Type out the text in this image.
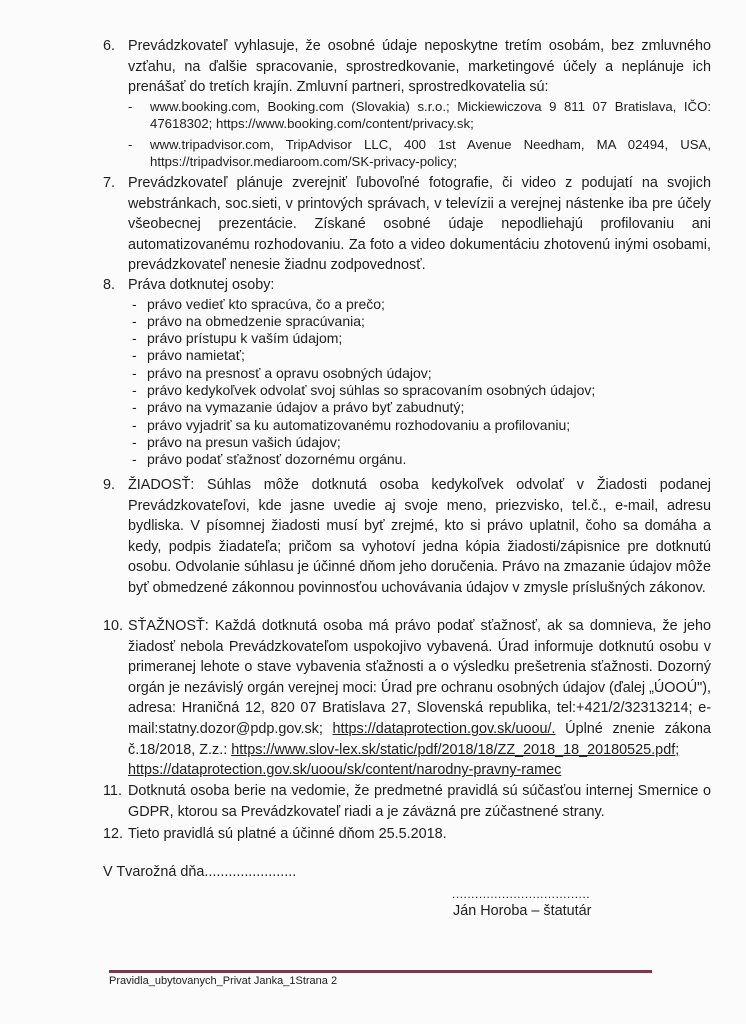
6. Prevádzkovateľ vyhlasuje, že osobné údaje neposkytne tretím osobám, bez zmluvného vzťahu, na ďalšie spracovanie, sprostredkovanie, marketingové účely a neplánuje ich prenášať do tretích krajín. Zmluvní partneri, sprostredkovatelia sú:
- www.booking.com, Booking.com (Slovakia) s.r.o.; Mickiewiczova 9 811 07 Bratislava, IČO: 47618302; https://www.booking.com/content/privacy.sk;
- www.tripadvisor.com, TripAdvisor LLC, 400 1st Avenue Needham, MA 02494, USA, https://tripadvisor.mediaroom.com/SK-privacy-policy;
7. Prevádzkovateľ plánuje zverejniť ľubovoľné fotografie, či video z podujatí na svojich webstránkach, soc.sieti, v printových správach, v televízii a verejnej nástenke iba pre účely všeobecnej prezentácie. Získané osobné údaje nepodliehajú profilovaniu ani automatizovanému rozhodovaniu. Za foto a video dokumentáciu zhotovenú inými osobami, prevádzkovateľ nenesie žiadnu zodpovednosť.
8. Práva dotknutej osoby:
- právo vedieť kto spracúva, čo a prečo;
- právo na obmedzenie spracúvania;
- právo prístupu k vaším údajom;
- právo namietať;
- právo na presnosť a opravu osobných údajov;
- právo kedykoľvek odvolať svoj súhlas so spracovaním osobných údajov;
- právo na vymazanie údajov a právo byť zabudnutý;
- právo vyjadriť sa ku automatizovanému rozhodovaniu a profilovaniu;
- právo na presun vašich údajov;
- právo podať sťažnosť dozornému orgánu.
9. ŽIADOSŤ: Súhlas môže dotknutá osoba kedykoľvek odvolať v Žiadosti podanej Prevádzkovateľovi, kde jasne uvedie aj svoje meno, priezvisko, tel.č., e-mail, adresu bydliska. V písomnej žiadosti musí byť zrejmé, kto si právo uplatnil, čoho sa domáha a kedy, podpis žiadateľa; pričom sa vyhotoví jedna kópia žiadosti/zápisnice pre dotknutú osobu. Odvolanie súhlasu je účinné dňom jeho doručenia. Právo na zmazanie údajov môže byť obmedzené zákonnou povinnosťou uchovávania údajov v zmysle príslušných zákonov.
10. SŤAŽNOSŤ: Každá dotknutá osoba má právo podať sťažnosť, ak sa domnieva, že jeho žiadosť nebola Prevádzkovateľom uspokojivo vybavená. Úrad informuje dotknutú osobu v primeranej lehote o stave vybavenia sťažnosti a o výsledku prešetrenia sťažnosti. Dozorný orgán je nezávislý orgán verejnej moci: Úrad pre ochranu osobných údajov (ďalej „ÚOOÚ"), adresa: Hraničná 12, 820 07 Bratislava 27, Slovenská republika, tel:+421/2/32313214; e-mail:statny.dozor@pdp.gov.sk; https://dataprotection.gov.sk/uoou/. Úplné znenie zákona č.18/2018, Z.z.: https://www.slov-lex.sk/static/pdf/2018/18/ZZ_2018_18_20180525.pdf;
https://dataprotection.gov.sk/uoou/sk/content/narodny-pravny-ramec
11. Dotknutá osoba berie na vedomie, že predmetné pravidlá sú súčasťou internej Smernice o GDPR, ktorou sa Prevádzkovateľ riadi a je záväzná pre zúčastnené strany.
12. Tieto pravidlá sú platné a účinné dňom 25.5.2018.
V Tvarožná dňa.......................
....................................
Ján Horoba – štatutár
Pravidla_ubytovanych_Privat Janka_1Strana 2
